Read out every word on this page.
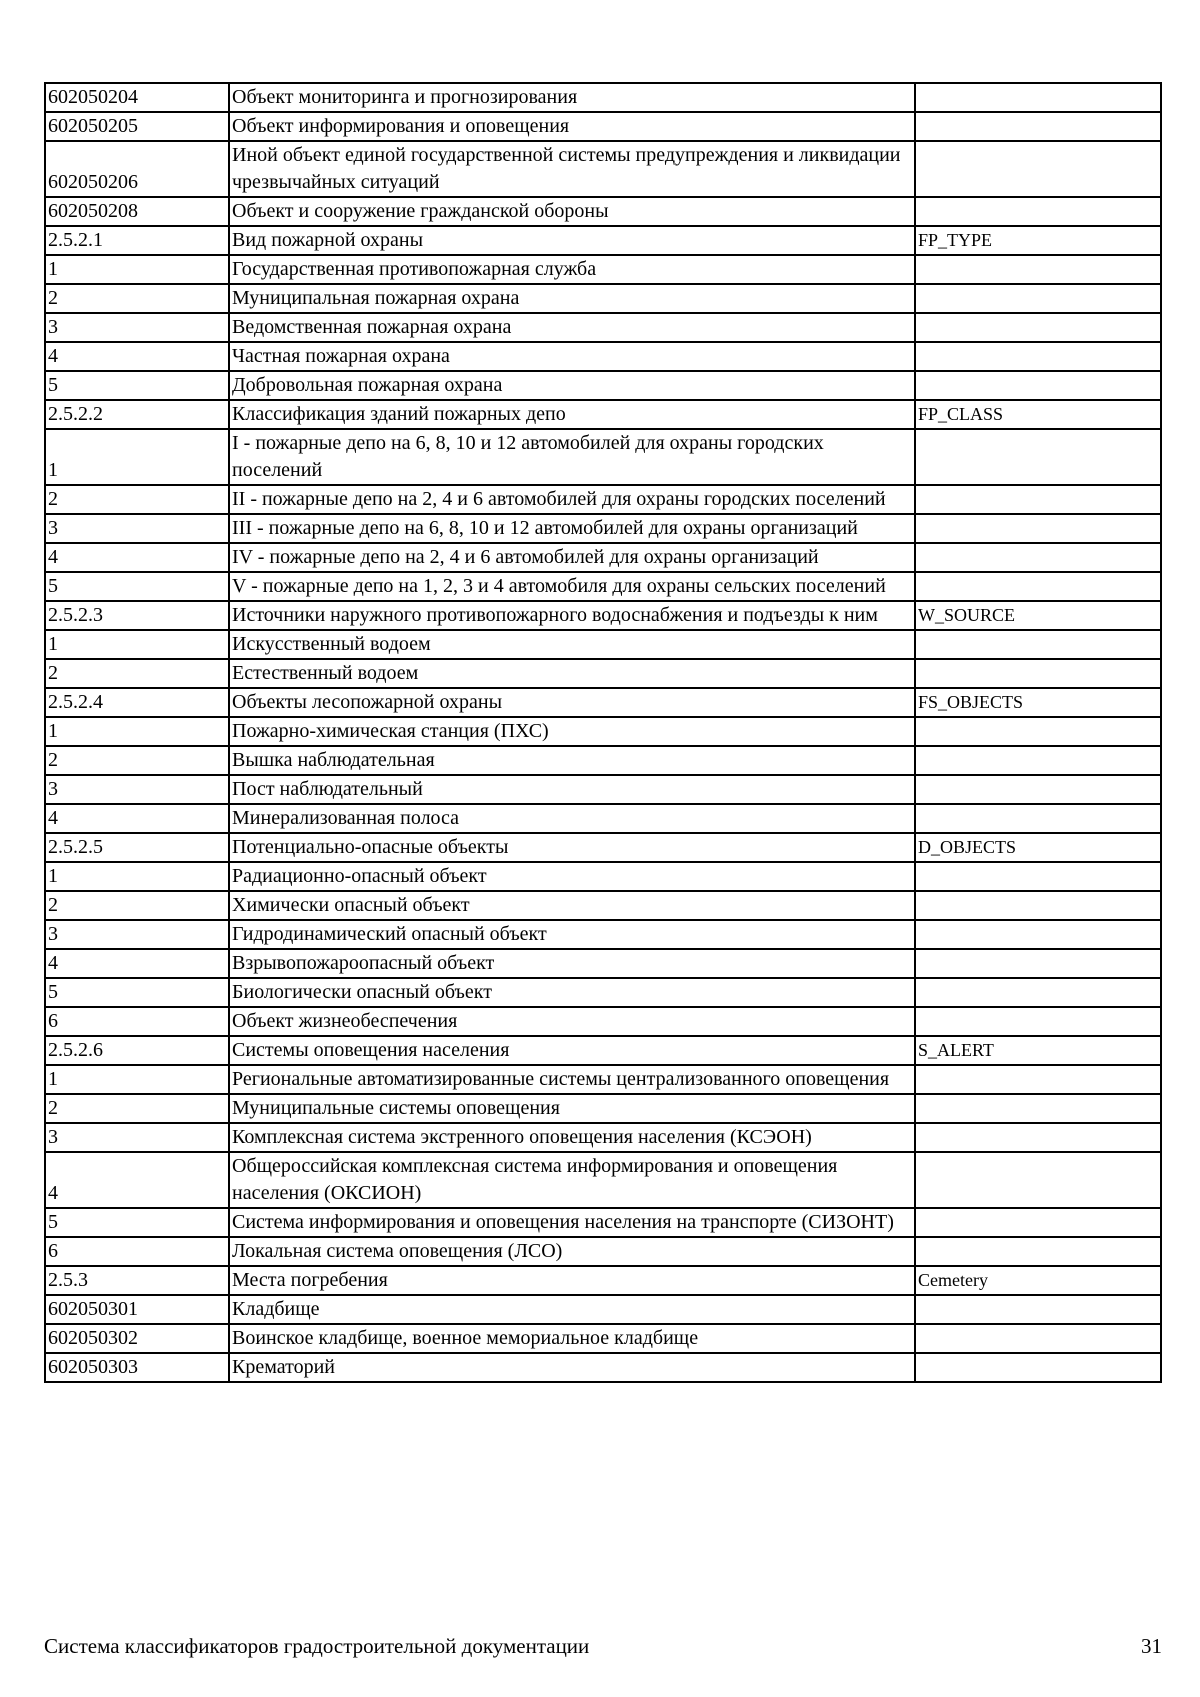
602050204	Объект мониторинга и прогнозирования	
602050205	Объект информирования и оповещения	
602050206	Иной объект единой государственной системы предупреждения и ликвидации чрезвычайных ситуаций	
602050208	Объект и сооружение гражданской обороны	
2.5.2.1	Вид пожарной охраны	FP_TYPE
1	Государственная противопожарная служба	
2	Муниципальная пожарная охрана	
3	Ведомственная пожарная охрана	
4	Частная пожарная охрана	
5	Добровольная пожарная охрана	
2.5.2.2	Классификация зданий пожарных депо	FP_CLASS
1	I - пожарные депо на 6, 8, 10 и 12 автомобилей для охраны городских поселений	
2	II - пожарные депо на 2, 4 и 6 автомобилей для охраны городских поселений	
3	III - пожарные депо на 6, 8, 10 и 12 автомобилей для охраны организаций	
4	IV - пожарные депо на 2, 4 и 6 автомобилей для охраны организаций	
5	V - пожарные депо на 1, 2, 3 и 4 автомобиля для охраны сельских поселений	
2.5.2.3	Источники наружного противопожарного водоснабжения и подъезды к ним	W_SOURCE
1	Искусственный водоем	
2	Естественный водоем	
2.5.2.4	Объекты лесопожарной охраны	FS_OBJECTS
1	Пожарно-химическая станция (ПХС)	
2	Вышка наблюдательная	
3	Пост наблюдательный	
4	Минерализованная полоса	
2.5.2.5	Потенциально-опасные объекты	D_OBJECTS
1	Радиационно-опасный объект	
2	Химически опасный объект	
3	Гидродинамический опасный объект	
4	Взрывопожароопасный объект	
5	Биологически опасный объект	
6	Объект жизнеобеспечения	
2.5.2.6	Системы оповещения населения	S_ALERT
1	Региональные автоматизированные системы централизованного оповещения	
2	Муниципальные системы оповещения	
3	Комплексная система экстренного оповещения населения (КСЭОН)	
4	Общероссийская комплексная система информирования и оповещения населения (ОКСИОН)	
5	Система информирования и оповещения населения на транспорте (СИЗОНТ)	
6	Локальная система оповещения (ЛСО)	
2.5.3	Места погребения	Cemetery
602050301	Кладбище	
602050302	Воинское кладбище, военное мемориальное кладбище	
602050303	Крематорий	
Система классификаторов градостроительной документации	31
